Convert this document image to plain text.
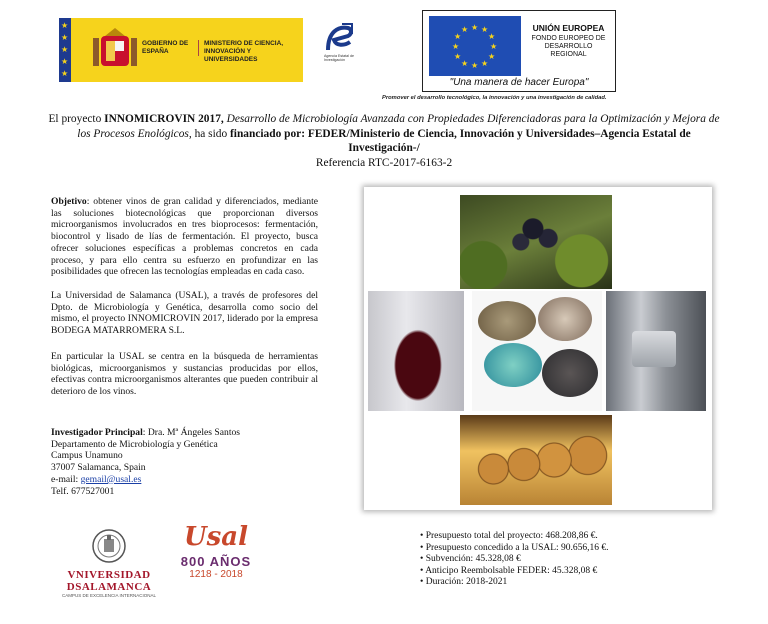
★
★
★
★
★
GOBIERNO DE ESPAÑA
MINISTERIO DE CIENCIA, INNOVACIÓN Y UNIVERSIDADES	Agencia Estatal de Investigación
★ ★
★
★
★
★
★
★
★
★
★
★	UNIÓN EUROPEA
FONDO EUROPEO DE DESARROLLO REGIONAL
"Una manera de hacer Europa"
Promover el desarrollo tecnológico, la innovación y una investigación de calidad.
El proyecto INNOMICROVIN 2017, Desarrollo de Microbiología Avanzada con Propiedades Diferenciadoras para la Optimización y Mejora de los Procesos Enológicos, ha sido financiado por: FEDER/Ministerio de Ciencia, Innovación y Universidades–Agencia Estatal de Investigación-/
Referencia RTC-2017-6163-2
Objetivo: obtener vinos de gran calidad y diferenciados, mediante las soluciones biotecnológicas que proporcionan diversos microorganismos involucrados en tres bioprocesos: fermentación, biocontrol y lisado de lías de fermentación. El proyecto, busca ofrecer soluciones específicas a problemas concretos en cada proceso, y para ello centra su esfuerzo en profundizar en las posibilidades que ofrecen las tecnologías empleadas en cada caso.
La Universidad de Salamanca (USAL), a través de profesores del Dpto. de Microbiología y Genética, desarrolla como socio del mismo, el proyecto INNOMICROVIN 2017, liderado por la empresa BODEGA MATARROMERA S.L.
En particular la USAL se centra en la búsqueda de herramientas biológicas, microorganismos y sustancias producidas por ellos, efectivas contra microorganismos alterantes que pueden contribuir al deterioro de los vinos.
Investigador Principal: Dra. Mª Ángeles Santos
Departamento de Microbiología y Genética
Campus Unamuno
37007 Salamanca, Spain
e-mail: gemail@usal.es
Telf. 677527001
VNIVERSIDAD
DSALAMANCA
CAMPUS DE EXCELENCIA INTERNACIONAL
Usal
800 AÑOS
1218 - 2018
• Presupuesto total del proyecto: 468.208,86 €.
• Presupuesto concedido a la USAL: 90.656,16 €.
• Subvención: 45.328,08 €
• Anticipo Reembolsable FEDER: 45.328,08 €
• Duración: 2018-2021
